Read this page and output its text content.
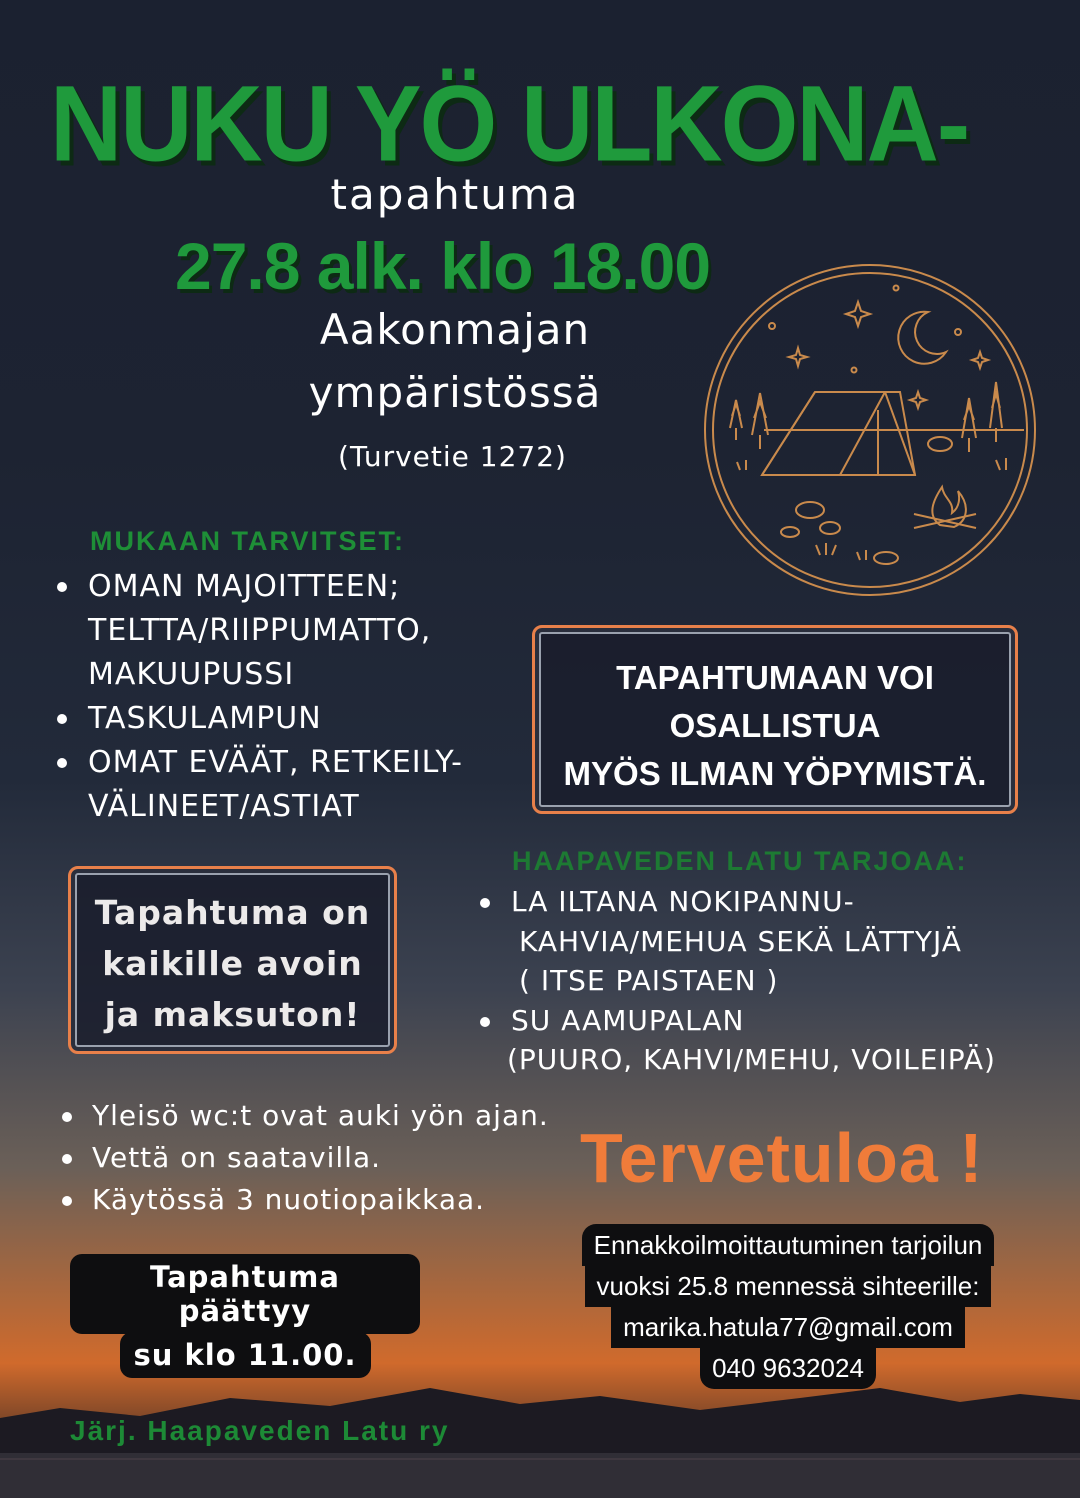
NUKU YÖ ULKONA-
tapahtuma
27.8 alk. klo 18.00
Aakonmajan
ympäristössä
(Turvetie 1272)
MUKAAN TARVITSET:
OMAN MAJOITTEEN; TELTTA/RIIPPUMATTO, MAKUUPUSSI
TASKULAMPUN
OMAT EVÄÄT, RETKEILY-VÄLINEET/ASTIAT
TAPAHTUMAAN VOI
OSALLISTUA
MYÖS ILMAN YÖPYMISTÄ.
Tapahtuma on
kaikille avoin
ja maksuton!
HAAPAVEDEN LATU TARJOAA:
LA ILTANA NOKIPANNU-
KAHVIA/MEHUA SEKÄ LÄTTYJÄ
( ITSE PAISTAEN )
SU AAMUPALAN
(PUURO, KAHVI/MEHU, VOILEIPÄ)
Yleisö wc:t ovat auki yön ajan.
Vettä on saatavilla.
Käytössä 3 nuotiopaikkaa.
Tervetuloa !
Tapahtuma päättyy
su klo 11.00.
Ennakkoilmoittautuminen tarjoilun
vuoksi 25.8 mennessä sihteerille:
marika.hatula77@gmail.com
040 9632024
Järj. Haapaveden Latu ry
